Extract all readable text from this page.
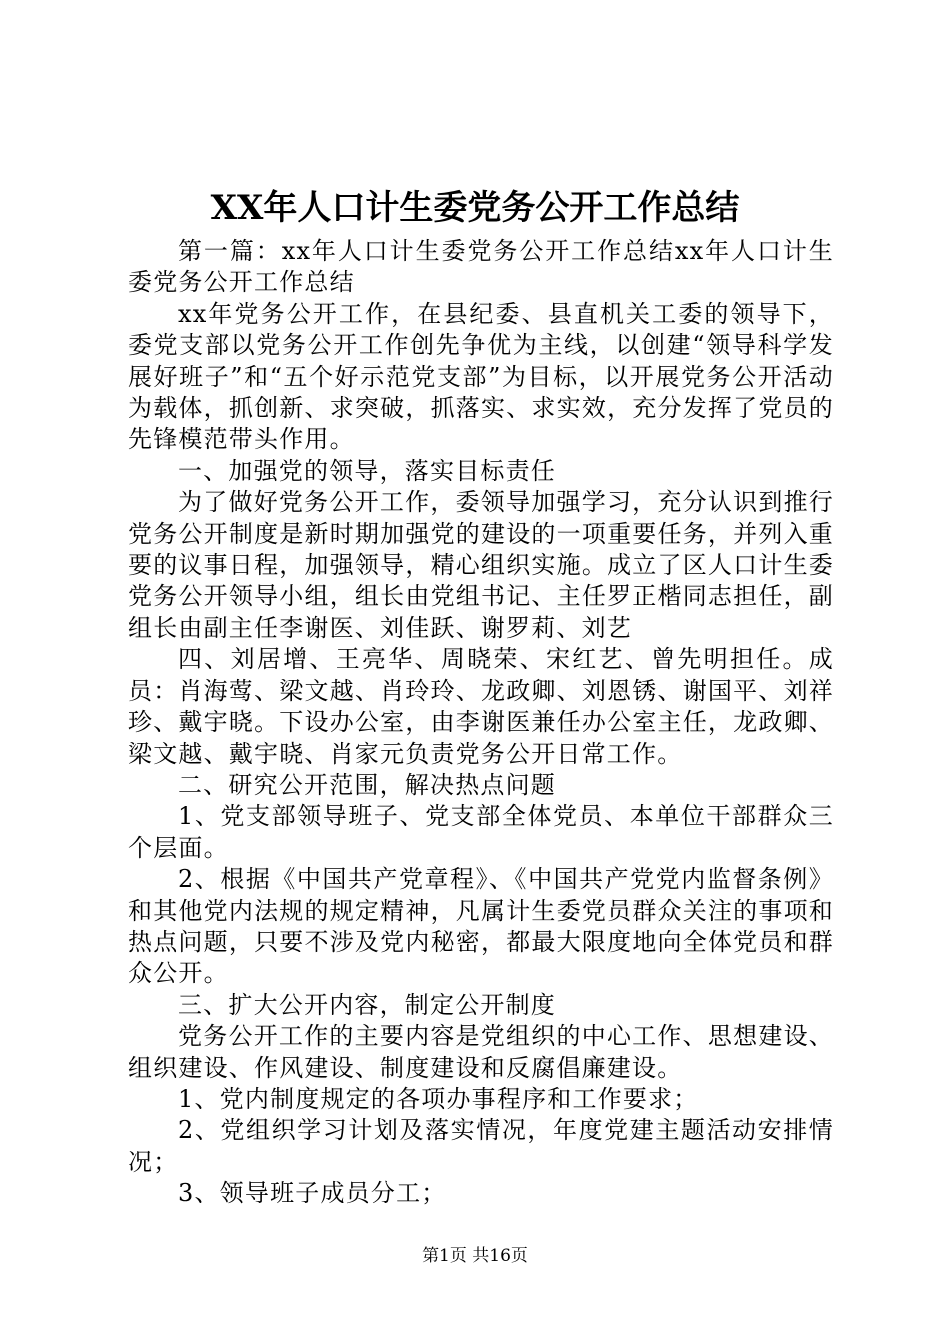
XX年人口计生委党务公开工作总结

第一篇：xx年人口计生委党务公开工作总结xx年人口计生委党务公开工作总结

xx年党务公开工作，在县纪委、县直机关工委的领导下，委党支部以党务公开工作创先争优为主线，以创建“领导科学发展好班子”和“五个好示范党支部”为目标，以开展党务公开活动为载体，抓创新、求突破，抓落实、求实效，充分发挥了党员的先锋模范带头作用。

一、加强党的领导，落实目标责任

为了做好党务公开工作，委领导加强学习，充分认识到推行党务公开制度是新时期加强党的建设的一项重要任务，并列入重要的议事日程，加强领导，精心组织实施。成立了区人口计生委党务公开领导小组，组长由党组书记、主任罗正楷同志担任，副组长由副主任李谢医、刘佳跃、谢罗莉、刘艺

四、刘居增、王亮华、周晓荣、宋红艺、曾先明担任。成员：肖海莺、梁文越、肖玲玲、龙政卿、刘恩锈、谢国平、刘祥珍、戴宇晓。下设办公室，由李谢医兼任办公室主任，龙政卿、梁文越、戴宇晓、肖家元负责党务公开日常工作。

二、研究公开范围，解决热点问题

1、党支部领导班子、党支部全体党员、本单位干部群众三个层面。

2、根据《中国共产党章程》、《中国共产党党内监督条例》和其他党内法规的规定精神，凡属计生委党员群众关注的事项和热点问题，只要不涉及党内秘密，都最大限度地向全体党员和群众公开。

三、扩大公开内容，制定公开制度

党务公开工作的主要内容是党组织的中心工作、思想建设、组织建设、作风建设、制度建设和反腐倡廉建设。

1、党内制度规定的各项办事程序和工作要求；

2、党组织学习计划及落实情况，年度党建主题活动安排情况；

3、领导班子成员分工；

第1页 共16页
